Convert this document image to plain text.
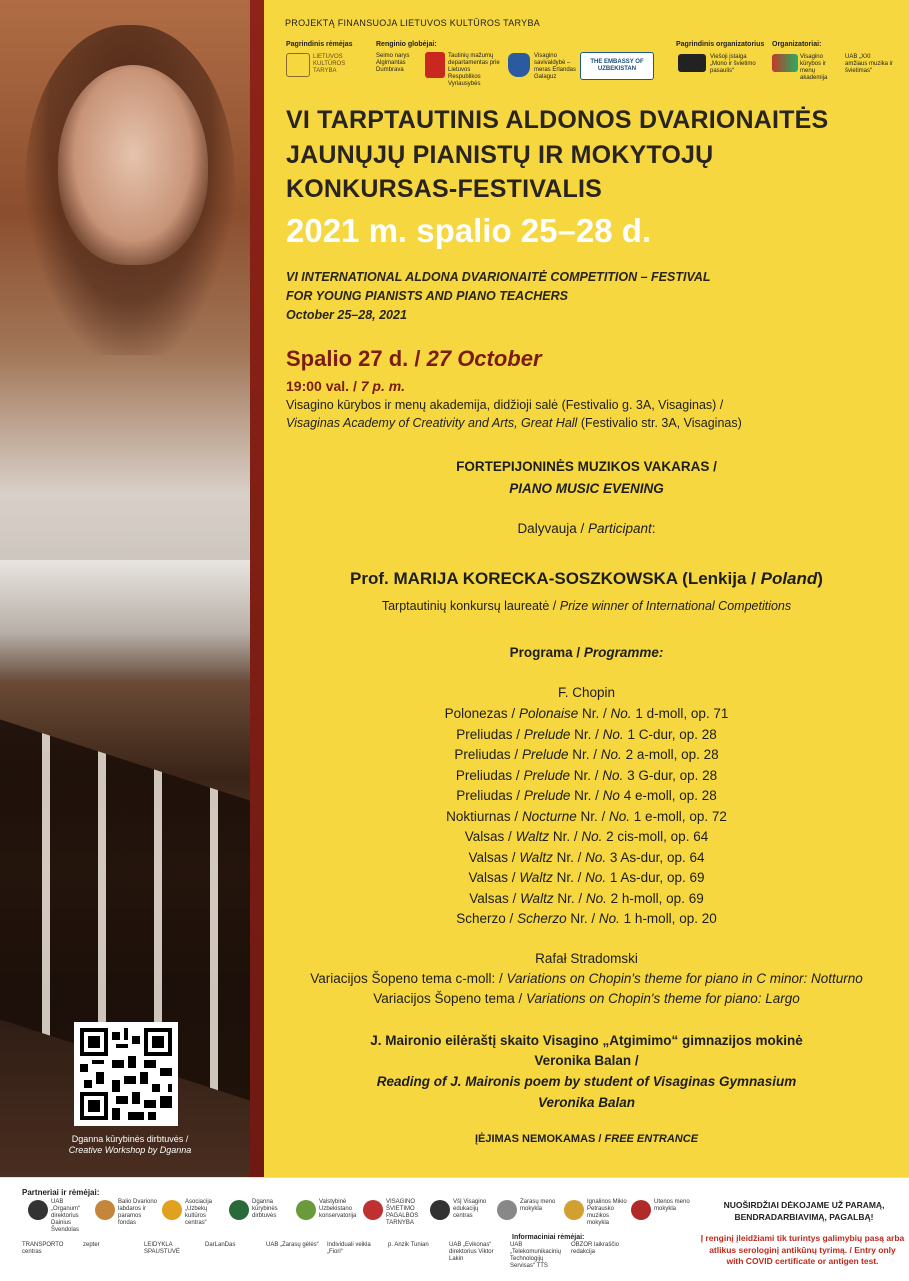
Dganna kūrybinės dirbtuvės /
Creative Workshop by Dganna
PROJEKTĄ FINANSUOJA LIETUVOS KULTŪROS TARYBA
Pagrindinis rėmėjas
LIETUVOS KULTŪROS TARYBA
Renginio globėjai:
Seimo narys Algimantas Dumbrava
Tautinių mažumų departamentas prie Lietuvos Respublikos Vyriausybės
Visagino savivaldybė – meras Erlandas Galaguz
THE EMBASSY OF UZBEKISTAN
Pagrindinis organizatorius
Viešoji įstaiga „Mono ir švietimo pasaulis“
Organizatoriai:
Visagino kūrybos ir menų akademija
UAB „XXI amžiaus muzika ir švietimas“
VI TARPTAUTINIS ALDONOS DVARIONAITĖS
JAUNŲJŲ PIANISTŲ IR MOKYTOJŲ
KONKURSAS-FESTIVALIS
2021 m. spalio 25–28 d.
VI INTERNATIONAL ALDONA DVARIONAITĖ COMPETITION – FESTIVAL
FOR YOUNG PIANISTS AND PIANO TEACHERS
October 25–28, 2021
Spalio 27 d. / 27 October
19:00 val. / 7 p. m.
Visagino kūrybos ir menų akademija, didžioji salė (Festivalio g. 3A, Visaginas) /
Visaginas Academy of Creativity and Arts, Great Hall (Festivalio str. 3A, Visaginas)
FORTEPIJONINĖS MUZIKOS VAKARAS /
PIANO MUSIC EVENING
Dalyvauja / Participant:
Prof. MARIJA KORECKA-SOSZKOWSKA (Lenkija / Poland)
Tarptautinių konkursų laureatė / Prize winner of International Competitions
Programa / Programme:
F. Chopin
Polonezas / Polonaise Nr. / No. 1 d-moll, op. 71
Preliudas / Prelude Nr. / No. 1 C-dur, op. 28
Preliudas / Prelude Nr. / No. 2 a-moll, op. 28
Preliudas / Prelude Nr. / No. 3 G-dur, op. 28
Preliudas / Prelude Nr. / No 4 e-moll, op. 28
Noktiurnas / Nocturne Nr. / No. 1 e-moll, op. 72
Valsas / Waltz Nr. / No. 2 cis-moll, op. 64
Valsas / Waltz Nr. / No. 3 As-dur, op. 64
Valsas / Waltz Nr. / No. 1 As-dur, op. 69
Valsas / Waltz Nr. / No. 2 h-moll, op. 69
Scherzo / Scherzo Nr. / No. 1 h-moll, op. 20
Rafał Stradomski
Variacijos Šopeno tema c-moll: / Variations on Chopin's theme for piano in C minor: Notturno
Variacijos Šopeno tema / Variations on Chopin's theme for piano: Largo
J. Maironio eilėraštį skaito Visagino „Atgimimo“ gimnazijos mokinė
Veronika Balan /
Reading of J. Maironis poem by student of Visaginas Gymnasium
Veronika Balan
ĮĖJIMAS NEMOKAMAS / FREE ENTRANCE
Partneriai ir rėmėjai:
UAB „Organum“ direktorius Dainius Švendolas
Balio Dvariono labdaros ir paramos fondas
Asociacija „Uzbekų kultūros centras“
Dganna kūrybinės dirbtuvės
Valstybinė Uzbekistano konservatorija
VISAGINO ŠVIETIMO PAGALBOS TARNYBA
VšĮ Visagino edukacijų centras
Zarasų meno mokykla
Ignalinos Mikio Petrausko muzikos mokykla
Utenos meno mokykla
Informaciniai rėmėjai:
TRANSPORTO centras
zepter	LEIDYKLA SPAUSTUVĖ
DarLanDas	UAB „Zarasų gėlės“	Individuali veikla „Fiori“
p. Anzik Tunian	UAB „Evikonas“ direktorius Viktor Lakin
UAB „Telekomunikacinių Technologijų Servisas“ TTS
OBZOR laikraščio redakcija
NUOŠIRDŽIAI DĖKOJAME UŽ PARAMĄ, BENDRADARBIAVIMĄ, PAGALBĄ!
Į renginį įleidžiami tik turintys galimybių pasą arba atlikus serologinį antikūnų tyrimą. / Entry only with COVID certificate or antigen test.
